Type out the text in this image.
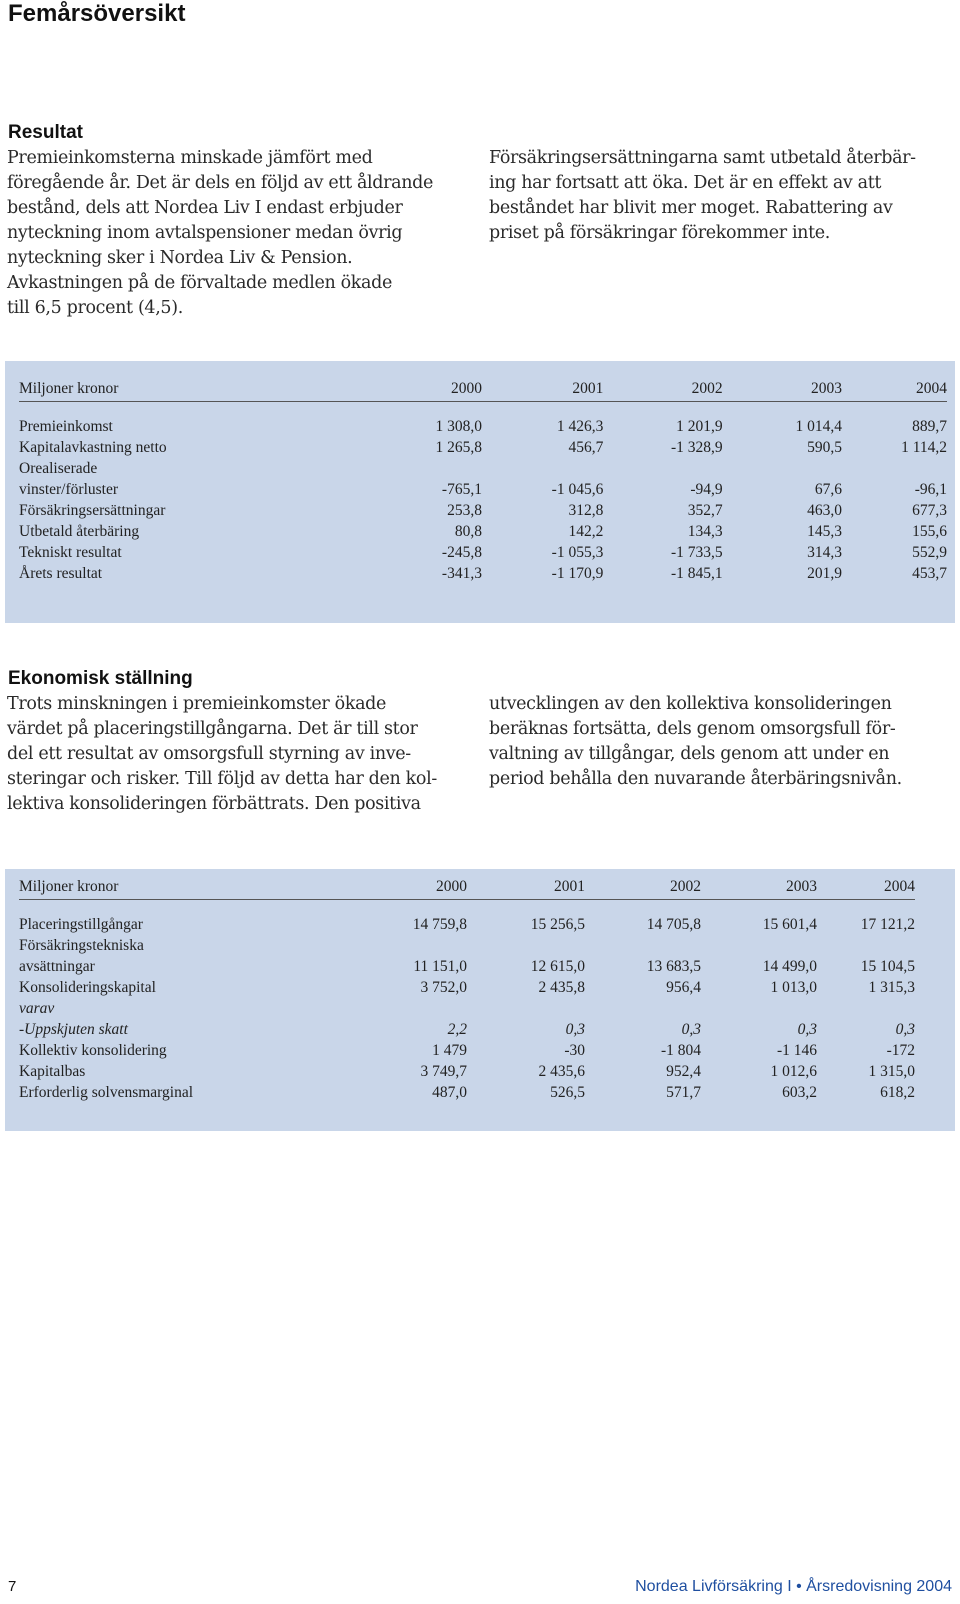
Femårsöversikt
Resultat
Premieinkomsterna minskade jämfört med
föregående år. Det är dels en följd av ett åldrande
bestånd, dels att Nordea Liv I endast erbjuder
nyteckning inom avtalspensioner medan övrig
nyteckning sker i Nordea Liv & Pension.
Avkastningen på de förvaltade medlen ökade
till 6,5 procent (4,5).
Försäkringsersättningarna samt utbetald återbär-
ing har fortsatt att öka. Det är en effekt av att
beståndet har blivit mer moget. Rabattering av
priset på försäkringar förekommer inte.
Miljoner kronor	2000	2001	2002	2003	2004

Premieinkomst	1 308,0	1 426,3	1 201,9	1 014,4	889,7
Kapitalavkastning netto	1 265,8	456,7	-1 328,9	590,5	1 114,2
Orealiserade					
vinster/förluster	-765,1	-1 045,6	-94,9	67,6	-96,1
Försäkringsersättningar	253,8	312,8	352,7	463,0	677,3
Utbetald återbäring	80,8	142,2	134,3	145,3	155,6
Tekniskt resultat	-245,8	-1 055,3	-1 733,5	314,3	552,9
Årets resultat	-341,3	-1 170,9	-1 845,1	201,9	453,7
Ekonomisk ställning
Trots minskningen i premieinkomster ökade
värdet på placeringstillgångarna. Det är till stor
del ett resultat av omsorgsfull styrning av inve-
steringar och risker. Till följd av detta har den kol-
lektiva konsolideringen förbättrats. Den positiva
utvecklingen av den kollektiva konsolideringen
beräknas fortsätta, dels genom omsorgsfull för-
valtning av tillgångar, dels genom att under en
period behålla den nuvarande återbäringsnivån.
Miljoner kronor	2000	2001	2002	2003	2004

Placeringstillgångar	14 759,8	15 256,5	14 705,8	15 601,4	17 121,2
Försäkringstekniska					
avsättningar	11 151,0	12 615,0	13 683,5	14 499,0	15 104,5
Konsolideringskapital	3 752,0	2 435,8	956,4	1 013,0	1 315,3
varav					
-Uppskjuten skatt	2,2	0,3	0,3	0,3	0,3
Kollektiv konsolidering	1 479	-30	-1 804	-1 146	-172
Kapitalbas	3 749,7	2 435,6	952,4	1 012,6	1 315,0
Erforderlig solvensmarginal	487,0	526,5	571,7	603,2	618,2
7	Nordea Livförsäkring I • Årsredovisning 2004
